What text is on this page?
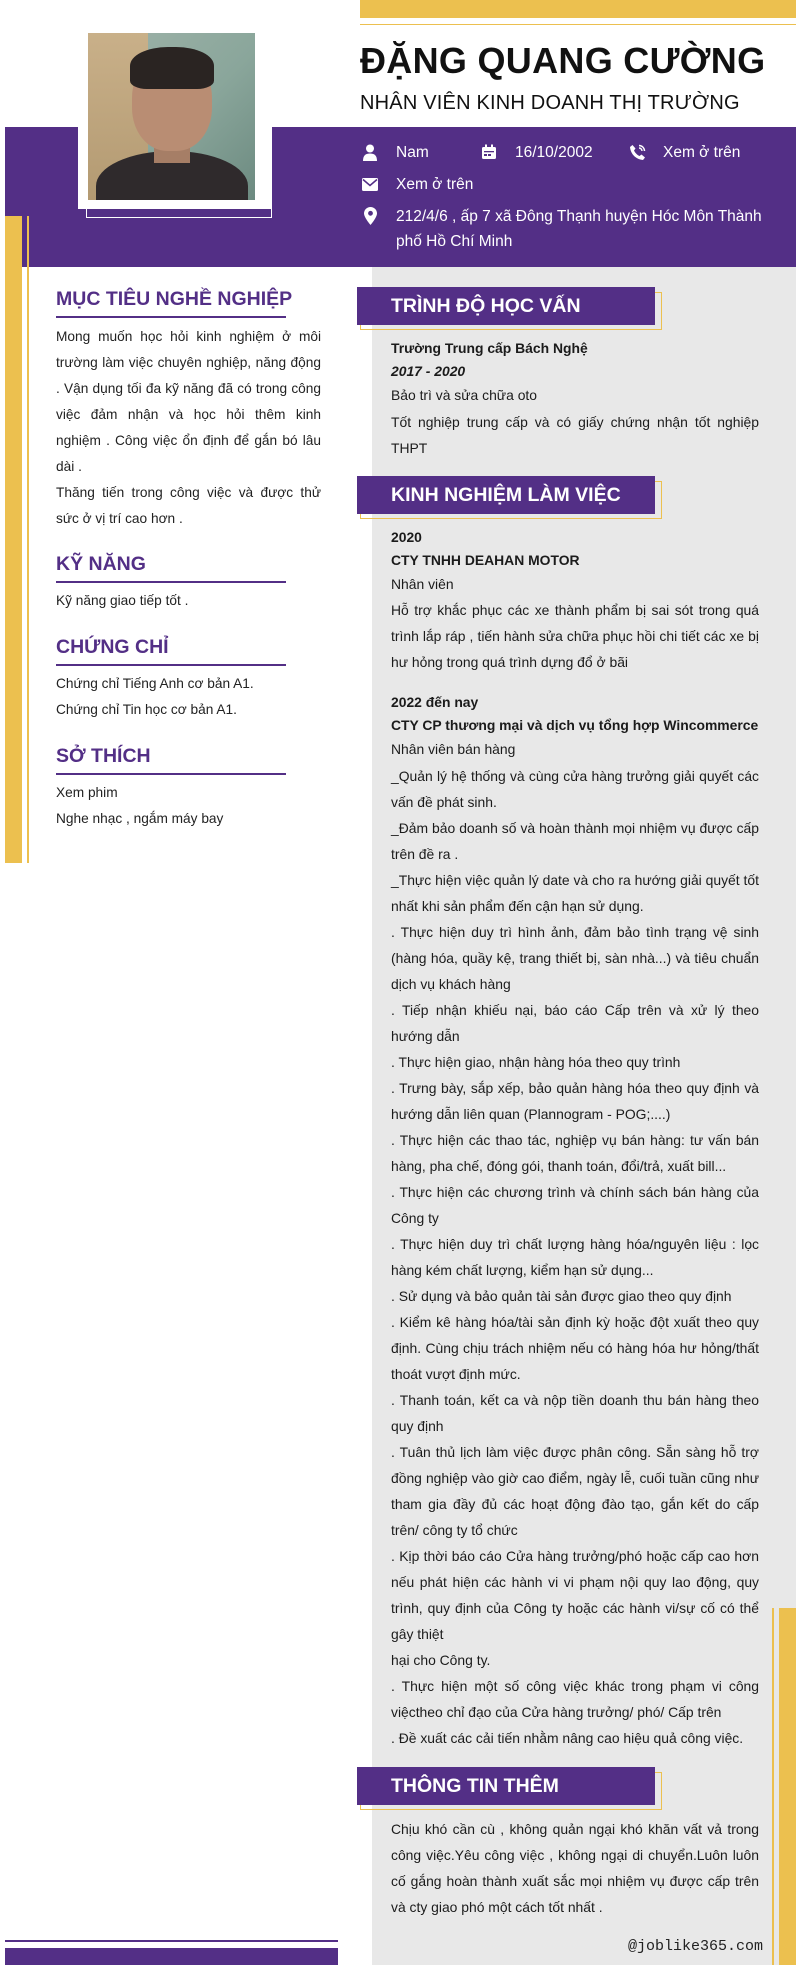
ĐẶNG QUANG CƯỜNG
NHÂN VIÊN KINH DOANH THỊ TRƯỜNG
Nam	16/10/2002	Xem ở trên
Xem ở trên
212/4/6 , ấp 7 xã Đông Thạnh huyện Hóc Môn Thành phố Hồ Chí Minh
MỤC TIÊU NGHỀ NGHIỆP
Mong muốn học hỏi kinh nghiệm ở môi trường làm việc chuyên nghiệp, năng động . Vận dụng tối đa kỹ năng đã có trong công việc đảm nhận và học hỏi thêm kinh nghiệm . Công việc ổn định để gắn bó lâu dài .
Thăng tiến trong công việc và được thử sức ở vị trí cao hơn .
KỸ NĂNG
Kỹ năng giao tiếp tốt .
CHỨNG CHỈ
Chứng chỉ Tiếng Anh cơ bản A1.
Chứng chỉ Tin học cơ bản A1.
SỞ THÍCH
Xem phim
Nghe nhạc , ngắm máy bay
TRÌNH ĐỘ HỌC VẤN
Trường Trung cấp Bách Nghệ
2017 - 2020
Bảo trì và sửa chữa oto
Tốt nghiệp trung cấp và có giấy chứng nhận tốt nghiệp THPT
KINH NGHIỆM LÀM VIỆC
2020
CTY TNHH DEAHAN MOTOR
Nhân viên
Hỗ trợ khắc phục các xe thành phẩm bị sai sót trong quá trình lắp ráp , tiến hành sửa chữa phục hồi chi tiết các xe bị hư hỏng trong quá trình dựng đổ ở bãi
2022 đến nay
CTY CP thương mại và dịch vụ tổng hợp Wincommerce
Nhân viên bán hàng
_Quản lý hệ thống và cùng cửa hàng trưởng giải quyết các vấn đề phát sinh.
_Đảm bảo doanh số và hoàn thành mọi nhiệm vụ được cấp trên đề ra .
_Thực hiện việc quản lý date và cho ra hướng giải quyết tốt nhất khi sản phẩm đến cận hạn sử dụng.
. Thực hiện duy trì hình ảnh, đảm bảo tình trạng vệ sinh (hàng hóa, quầy kệ, trang thiết bị, sàn nhà...) và tiêu chuẩn dịch vụ khách hàng
. Tiếp nhận khiếu nại, báo cáo Cấp trên và xử lý theo hướng dẫn
. Thực hiện giao, nhận hàng hóa theo quy trình
. Trưng bày, sắp xếp, bảo quản hàng hóa theo quy định và hướng dẫn liên quan (Plannogram - POG;....)
. Thực hiện các thao tác, nghiệp vụ bán hàng: tư vấn bán hàng, pha chế, đóng gói, thanh toán, đổi/trả, xuất bill...
. Thực hiện các chương trình và chính sách bán hàng của Công ty
. Thực hiện duy trì chất lượng hàng hóa/nguyên liệu : lọc hàng kém chất lượng, kiểm hạn sử dụng...
. Sử dụng và bảo quản tài sản được giao theo quy định
. Kiểm kê hàng hóa/tài sản định kỳ hoặc đột xuất theo quy định. Cùng chịu trách nhiệm nếu có hàng hóa hư hỏng/thất thoát vượt định mức.
. Thanh toán, kết ca và nộp tiền doanh thu bán hàng theo quy định
. Tuân thủ lịch làm việc được phân công. Sẵn sàng hỗ trợ đồng nghiệp vào giờ cao điểm, ngày lễ, cuối tuần cũng như tham gia đầy đủ các hoạt động đào tạo, gắn kết do cấp trên/ công ty tổ chức
. Kịp thời báo cáo Cửa hàng trưởng/phó hoặc cấp cao hơn nếu phát hiện các hành vi vi phạm nội quy lao động, quy trình, quy định của Công ty hoặc các hành vi/sự cố có thể gây thiệt
hại cho Công ty.
. Thực hiện một số công việc khác trong phạm vi công việctheo chỉ đạo của Cửa hàng trưởng/ phó/ Cấp trên
. Đề xuất các cải tiến nhằm nâng cao hiệu quả công việc.
THÔNG TIN THÊM
Chịu khó cần cù , không quản ngại khó khăn vất vả trong công việc.Yêu công việc , không ngại di chuyển.Luôn luôn cố gắng hoàn thành xuất sắc mọi nhiệm vụ được cấp trên và cty giao phó một cách tốt nhất .
@joblike365.com
